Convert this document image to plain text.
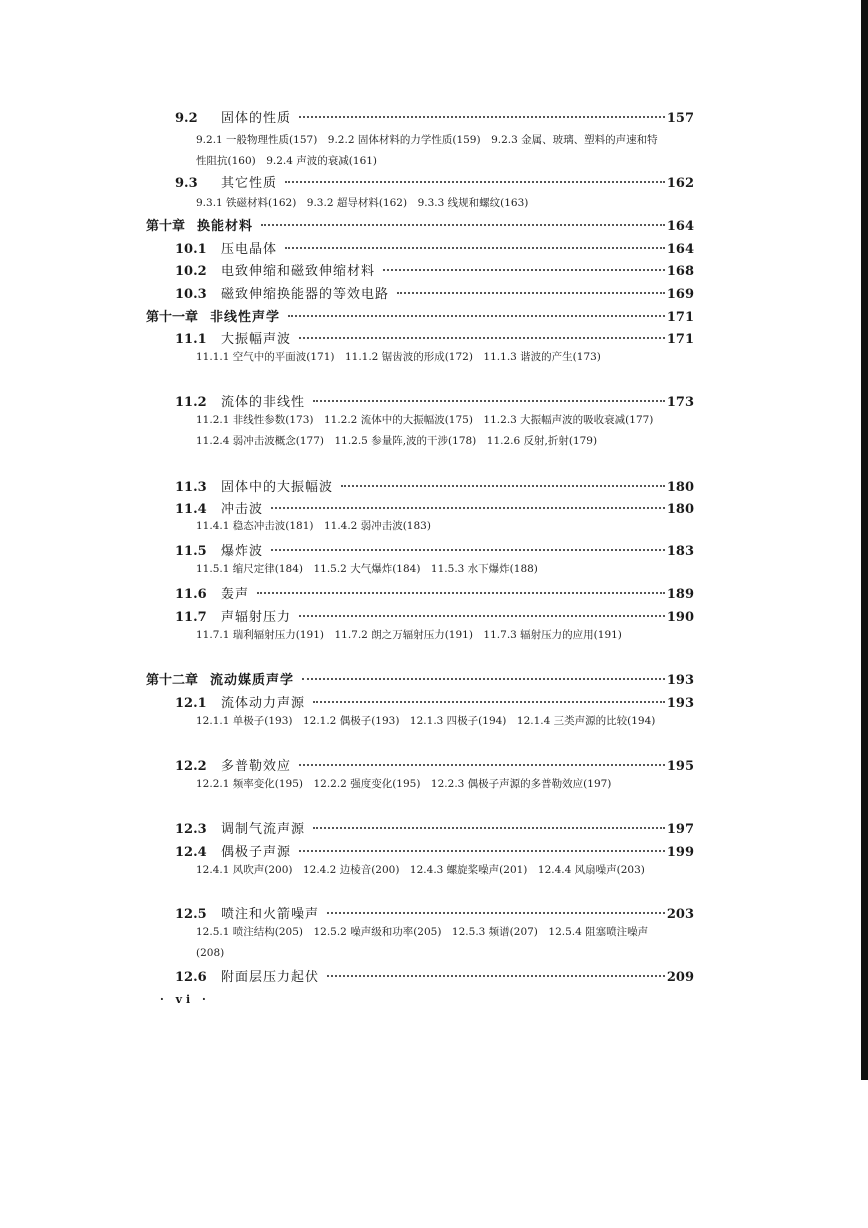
9.2	固体的性质	157
9.2.1 一般物理性质(157)　9.2.2 固体材料的力学性质(159)　9.2.3 金属、玻璃、塑料的声速和特性阻抗(160)　9.2.4 声波的衰减(161)
9.3	其它性质	162
9.3.1 铁磁材料(162)　9.3.2 超导材料(162)　9.3.3 线规和螺纹(163)
第十章 换能材料	164
10.1	压电晶体	164
10.2	电致伸缩和磁致伸缩材料	168
10.3	磁致伸缩换能器的等效电路	169
第十一章 非线性声学	171
11.1	大振幅声波	171
11.1.1 空气中的平面波(171)　11.1.2 锯齿波的形成(172)　11.1.3 谐波的产生(173)
11.2	流体的非线性	173
11.2.1 非线性参数(173)　11.2.2 流体中的大振幅波(175)　11.2.3 大振幅声波的吸收衰减(177)　11.2.4 弱冲击波概念(177)　11.2.5 参量阵,波的干涉(178)　11.2.6 反射,折射(179)
11.3	固体中的大振幅波	180
11.4	冲击波	180
11.4.1 稳态冲击波(181)　11.4.2 弱冲击波(183)
11.5	爆炸波	183
11.5.1 缩尺定律(184)　11.5.2 大气爆炸(184)　11.5.3 水下爆炸(188)
11.6	轰声	189
11.7	声辐射压力	190
11.7.1 瑞利辐射压力(191)　11.7.2 朗之万辐射压力(191)　11.7.3 辐射压力的应用(191)
第十二章 流动媒质声学	193
12.1	流体动力声源	193
12.1.1 单极子(193)　12.1.2 偶极子(193)　12.1.3 四极子(194)　12.1.4 三类声源的比较(194)
12.2	多普勒效应	195
12.2.1 频率变化(195)　12.2.2 强度变化(195)　12.2.3 偶极子声源的多普勒效应(197)
12.3	调制气流声源	197
12.4	偶极子声源	199
12.4.1 风吹声(200)　12.4.2 边棱音(200)　12.4.3 螺旋桨噪声(201)　12.4.4 风扇噪声(203)
12.5	喷注和火箭噪声	203
12.5.1 喷注结构(205)　12.5.2 噪声级和功率(205)　12.5.3 频谱(207)　12.5.4 阻塞喷注噪声(208)
12.6	附面层压力起伏	209
· vi ·
